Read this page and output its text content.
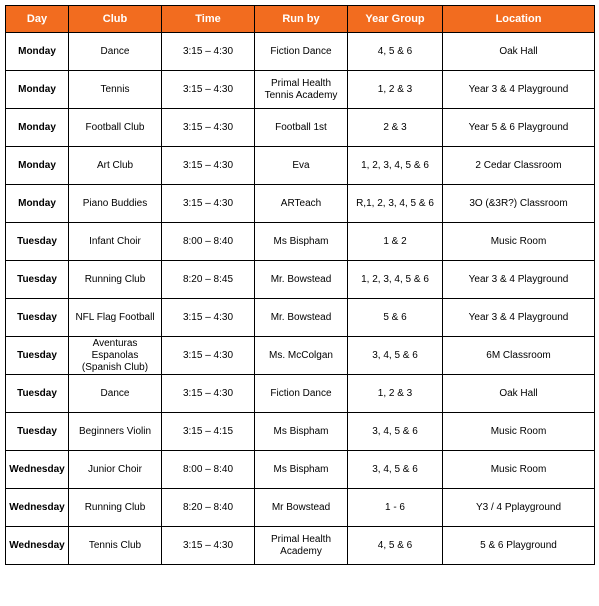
Day	Club	Time	Run by	Year Group	Location
Monday	Dance	3:15 – 4:30	Fiction Dance	4, 5 & 6	Oak Hall
Monday	Tennis	3:15 – 4:30	Primal Health Tennis Academy	1, 2 & 3	Year 3 & 4 Playground
Monday	Football Club	3:15 – 4:30	Football 1st	2 & 3	Year 5 & 6 Playground
Monday	Art Club	3:15 – 4:30	Eva	1, 2, 3, 4, 5 & 6	2 Cedar Classroom
Monday	Piano Buddies	3:15 – 4:30	ARTeach	R,1, 2, 3, 4, 5 & 6	3O (&3R?) Classroom
Tuesday	Infant Choir	8:00 – 8:40	Ms Bispham	1 & 2	Music Room
Tuesday	Running Club	8:20 – 8:45	Mr. Bowstead	1, 2, 3, 4, 5 & 6	Year 3 & 4 Playground
Tuesday	NFL Flag Football	3:15 – 4:30	Mr. Bowstead	5 & 6	Year 3 & 4 Playground
Tuesday	Aventuras Espanolas (Spanish Club)	3:15 – 4:30	Ms. McColgan	3, 4, 5 & 6	6M Classroom
Tuesday	Dance	3:15 – 4:30	Fiction Dance	1, 2 & 3	Oak Hall
Tuesday	Beginners Violin	3:15 – 4:15	Ms Bispham	3, 4, 5 & 6	Music Room
Wednesday	Junior Choir	8:00 – 8:40	Ms Bispham	3, 4, 5 & 6	Music Room
Wednesday	Running Club	8:20 – 8:40	Mr Bowstead	1 - 6	Y3 / 4 Pplayground
Wednesday	Tennis Club	3:15 – 4:30	Primal Health Academy	4, 5 & 6	5 & 6 Playground
